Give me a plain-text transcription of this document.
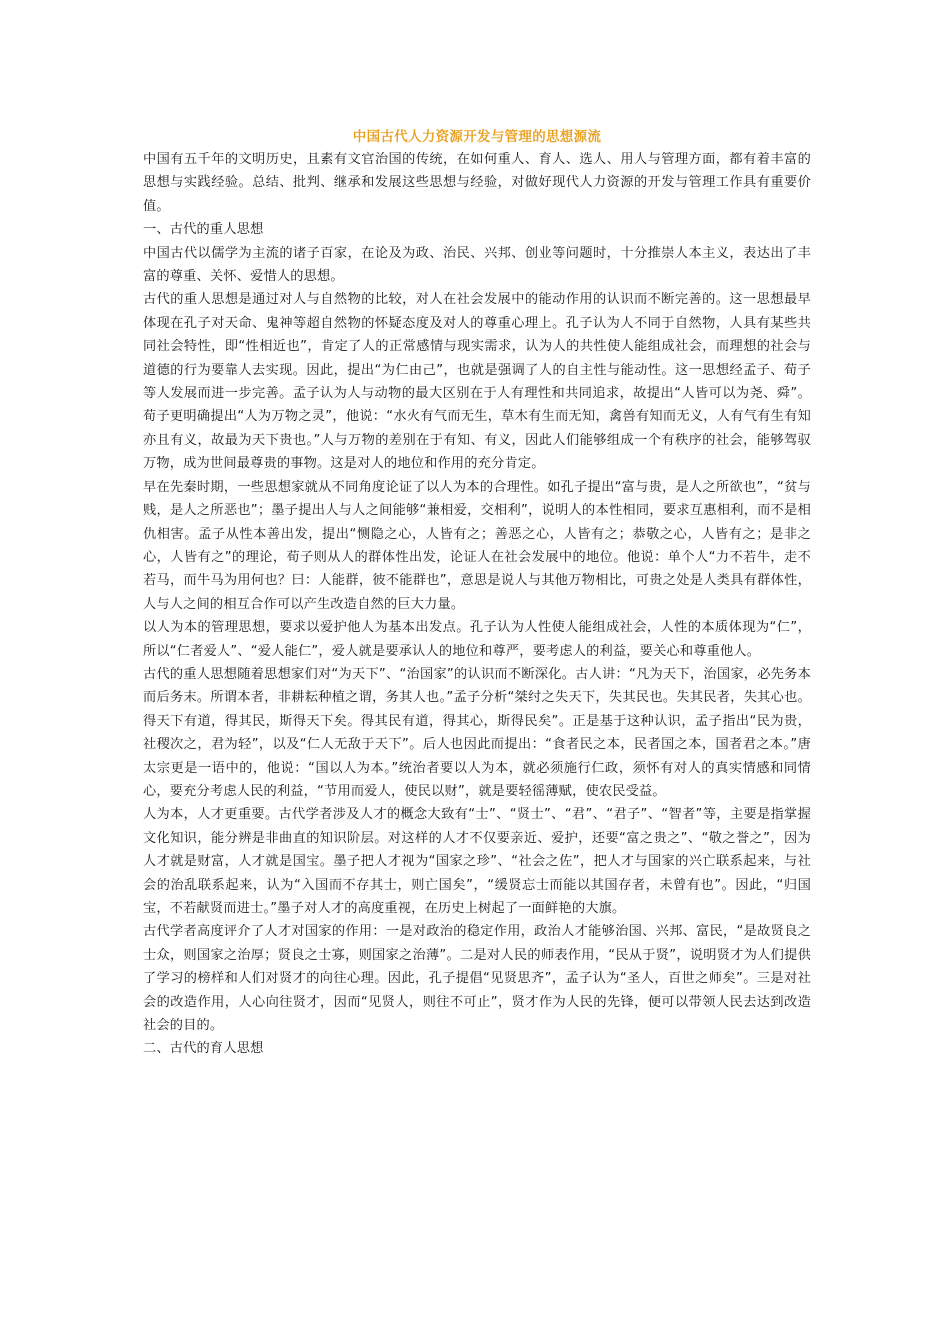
中国古代人力资源开发与管理的思想源流

中国有五千年的文明历史，且素有文官治国的传统，在如何重人、育人、选人、用人与管理方面，都有着丰富的思想与实践经验。总结、批判、继承和发展这些思想与经验，对做好现代人力资源的开发与管理工作具有重要价值。

一、古代的重人思想

中国古代以儒学为主流的诸子百家，在论及为政、治民、兴邦、创业等问题时，十分推崇人本主义，表达出了丰富的尊重、关怀、爱惜人的思想。

古代的重人思想是通过对人与自然物的比较，对人在社会发展中的能动作用的认识而不断完善的。这一思想最早体现在孔子对天命、鬼神等超自然物的怀疑态度及对人的尊重心理上。孔子认为人不同于自然物，人具有某些共同社会特性，即“性相近也”，肯定了人的正常感情与现实需求，认为人的共性使人能组成社会，而理想的社会与道德的行为要靠人去实现。因此，提出“为仁由己”，也就是强调了人的自主性与能动性。这一思想经孟子、荀子等人发展而进一步完善。孟子认为人与动物的最大区别在于人有理性和共同追求，故提出“人皆可以为尧、舜”。荀子更明确提出“人为万物之灵”，他说：“水火有气而无生，草木有生而无知，禽兽有知而无义，人有气有生有知亦且有义，故最为天下贵也。”人与万物的差别在于有知、有义，因此人们能够组成一个有秩序的社会，能够驾驭万物，成为世间最尊贵的事物。这是对人的地位和作用的充分肯定。

早在先秦时期，一些思想家就从不同角度论证了以人为本的合理性。如孔子提出“富与贵，是人之所欲也”，“贫与贱，是人之所恶也”；墨子提出人与人之间能够“兼相爱，交相利”，说明人的本性相同，要求互惠相利，而不是相仇相害。孟子从性本善出发，提出“恻隐之心，人皆有之；善恶之心，人皆有之；恭敬之心，人皆有之；是非之心，人皆有之”的理论，荀子则从人的群体性出发，论证人在社会发展中的地位。他说：单个人“力不若牛，走不若马，而牛马为用何也？曰：人能群，彼不能群也”，意思是说人与其他万物相比，可贵之处是人类具有群体性，人与人之间的相互合作可以产生改造自然的巨大力量。

以人为本的管理思想，要求以爱护他人为基本出发点。孔子认为人性使人能组成社会，人性的本质体现为“仁”，所以“仁者爱人”、“爱人能仁”，爱人就是要承认人的地位和尊严，要考虑人的利益，要关心和尊重他人。

古代的重人思想随着思想家们对“为天下”、“治国家”的认识而不断深化。古人讲：“凡为天下，治国家，必先务本而后务末。所谓本者，非耕耘种植之谓，务其人也。”孟子分析“桀纣之失天下，失其民也。失其民者，失其心也。得天下有道，得其民，斯得天下矣。得其民有道，得其心，斯得民矣”。正是基于这种认识，孟子指出“民为贵，社稷次之，君为轻”，以及“仁人无敌于天下”。后人也因此而提出：“食者民之本，民者国之本，国者君之本。”唐太宗更是一语中的，他说：“国以人为本。”统治者要以人为本，就必须施行仁政，须怀有对人的真实情感和同情心，要充分考虑人民的利益，“节用而爱人，使民以财”，就是要轻徭薄赋，使农民受益。

人为本，人才更重要。古代学者涉及人才的概念大致有“士”、“贤士”、“君”、“君子”、“智者”等，主要是指掌握文化知识，能分辨是非曲直的知识阶层。对这样的人才不仅要亲近、爱护，还要“富之贵之”、“敬之誉之”，因为人才就是财富，人才就是国宝。墨子把人才视为“国家之珍”、“社会之佐”，把人才与国家的兴亡联系起来，与社会的治乱联系起来，认为“入国而不存其士，则亡国矣”，“缓贤忘士而能以其国存者，未曾有也”。因此，“归国宝，不若献贤而进士。”墨子对人才的高度重视，在历史上树起了一面鲜艳的大旗。

古代学者高度评介了人才对国家的作用：一是对政治的稳定作用，政治人才能够治国、兴邦、富民，“是故贤良之士众，则国家之治厚；贤良之士寡，则国家之治薄”。二是对人民的师表作用，“民从于贤”，说明贤才为人们提供了学习的榜样和人们对贤才的向往心理。因此，孔子提倡“见贤思齐”，孟子认为“圣人，百世之师矣”。三是对社会的改造作用，人心向往贤才，因而“见贤人，则往不可止”，贤才作为人民的先锋，便可以带领人民去达到改造社会的目的。

二、古代的育人思想
